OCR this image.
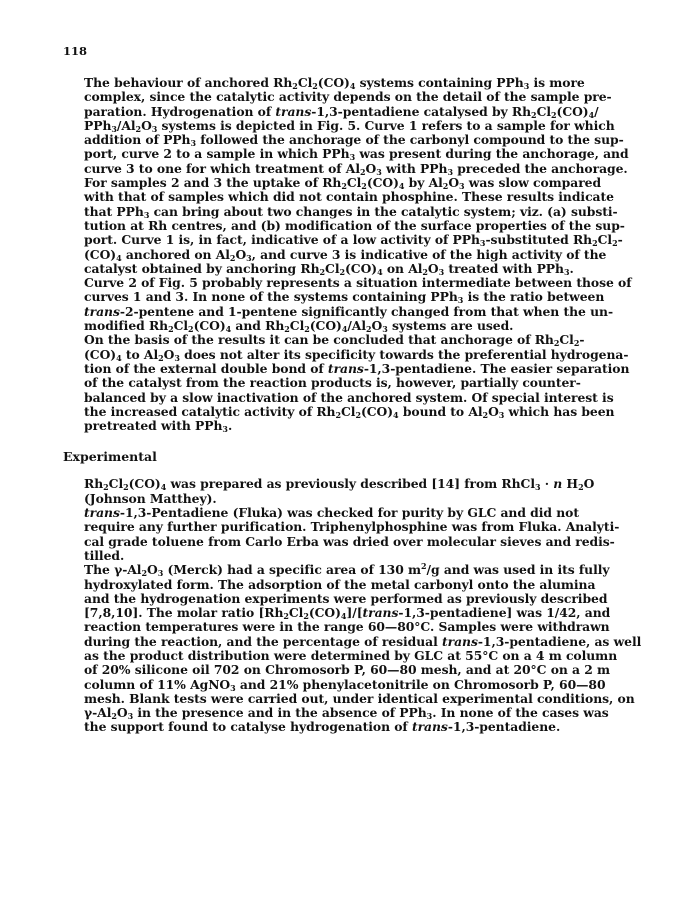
118
The behaviour of anchored $Rh_2Cl_2(CO)_4$ systems containing PPh$_3$ is more
complex, since the catalytic activity depends on the detail of the sample pre-
paration. Hydrogenation of trans-1,3-pentadiene catalysed by $Rh_2Cl_2(CO)_4/$
$PPh_3/Al_2O_3$ systems is depicted in Fig. 5. Curve 1 refers to a sample for which
addition of PPh$_3$ followed the anchorage of the carbonyl compound to the sup-
port, curve 2 to a sample in which PPh$_3$ was present during the anchorage, and
curve 3 to one for which treatment of $Al_2O_3$ with PPh$_3$ preceded the anchorage.
For samples 2 and 3 the uptake of $Rh_2Cl_2(CO)_4$ by $Al_2O_3$ was slow compared
with that of samples which did not contain phosphine. These results indicate
that PPh$_3$ can bring about two changes in the catalytic system; viz. (a) substi-
tution at Rh centres, and (b) modification of the surface properties of the sup-
port. Curve 1 is, in fact, indicative of a low activity of PPh$_3$-substituted $Rh_2Cl_2-$
$(CO)_4$ anchored on $Al_2O_3$, and curve 3 is indicative of the high activity of the
catalyst obtained by anchoring $Rh_2Cl_2(CO)_4$ on $Al_2O_3$ treated with PPh$_3$.
Curve 2 of Fig. 5 probably represents a situation intermediate between those of
curves 1 and 3. In none of the systems containing PPh$_3$ is the ratio between
trans-2-pentene and 1-pentene significantly changed from that when the un-
modified $Rh_2Cl_2(CO)_4$ and $Rh_2Cl_2(CO)_4/Al_2O_3$ systems are used.
On the basis of the results it can be concluded that anchorage of $Rh_2Cl_2-$
$(CO)_4$ to $Al_2O_3$ does not alter its specificity towards the preferential hydrogena-
tion of the external double bond of trans-1,3-pentadiene. The easier separation
of the catalyst from the reaction products is, however, partially counter-
balanced by a slow inactivation of the anchored system. Of special interest is
the increased catalytic activity of $Rh_2Cl_2(CO)_4$ bound to $Al_2O_3$ which has been
pretreated with PPh$_3$.
Experimental
$Rh_2Cl_2(CO)_4$ was prepared as previously described [14] from RhCl$_3$ · n $H_2O$
(Johnson Matthey).
trans-1,3-Pentadiene (Fluka) was checked for purity by GLC and did not
require any further purification. Triphenylphosphine was from Fluka. Analyti-
cal grade toluene from Carlo Erba was dried over molecular sieves and redis-
tilled.
The $\gamma-Al_2O_3$ (Merck) had a specific area of 130 $m^2/g$ and was used in its fully
hydroxylated form. The adsorption of the metal carbonyl onto the alumina
and the hydrogenation experiments were performed as previously described
[7,8,10]. The molar ratio $[Rh_2Cl_2(CO)_4]/[trans-1,3-pentadiene]$ was 1/42, and
reaction temperatures were in the range 60—80°C. Samples were withdrawn
during the reaction, and the percentage of residual trans-1,3-pentadiene, as well
as the product distribution were determined by GLC at 55°C on a 4 m column
of 20% silicone oil 702 on Chromosorb P, 60—80 mesh, and at 20°C on a 2 m
column of 11% AgNO$_3$ and 21% phenylacetonitrile on Chromosorb P, 60—80
mesh. Blank tests were carried out, under identical experimental conditions, on
$\gamma-Al_2O_3$ in the presence and in the absence of PPh$_3$. In none of the cases was
the support found to catalyse hydrogenation of trans-1,3-pentadiene.
